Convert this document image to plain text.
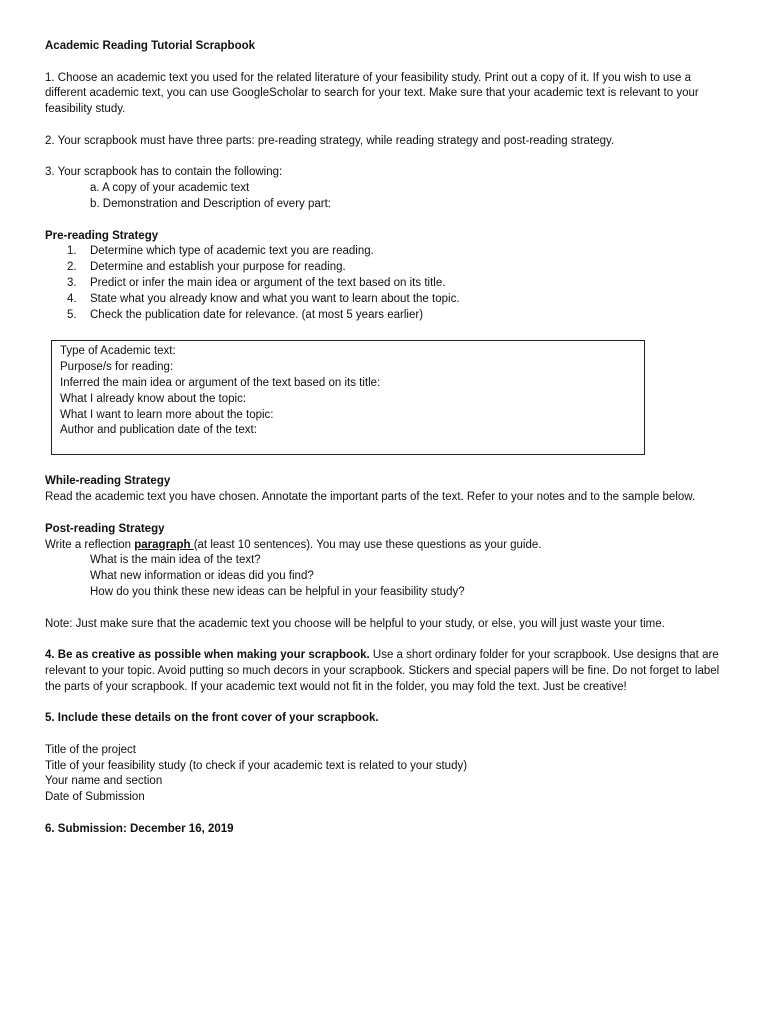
Academic Reading Tutorial Scrapbook

1. Choose an academic text you used for the related literature of your feasibility study. Print out a copy of it. If you wish to use a different academic text, you can use GoogleScholar to search for your text. Make sure that your academic text is relevant to your feasibility study.

2. Your scrapbook must have three parts: pre-reading strategy, while reading strategy and post-reading strategy.

3. Your scrapbook has to contain the following:

a. A copy of your academic text

b. Demonstration and Description of every part:

Pre-reading Strategy

1.	Determine which type of academic text you are reading.
2.	Determine and establish your purpose for reading.
3.	Predict or infer the main idea or argument of the text based on its title.
4.	State what you already know and what you want to learn about the topic.
5.	Check the publication date for relevance. (at most 5 years earlier)

Type of Academic text:

Purpose/s for reading:

Inferred the main idea or argument of the text based on its title:

What I already know about the topic:

What I want to learn more about the topic:

Author and publication date of the text:

While-reading Strategy

Read the academic text you have chosen. Annotate the important parts of the text. Refer to your notes and to the sample below.

Post-reading Strategy

Write a reflection paragraph (at least 10 sentences). You may use these questions as your guide.

What is the main idea of the text?

What new information or ideas did you find?

How do you think these new ideas can be helpful in your feasibility study?

Note: Just make sure that the academic text you choose will be helpful to your study, or else, you will just waste your time.

4. Be as creative as possible when making your scrapbook. Use a short ordinary folder for your scrapbook. Use designs that are relevant to your topic. Avoid putting so much decors in your scrapbook. Stickers and special papers will be fine. Do not forget to label the parts of your scrapbook. If your academic text would not fit in the folder, you may fold the text. Just be creative!

5. Include these details on the front cover of your scrapbook.

Title of the project

Title of your feasibility study (to check if your academic text is related to your study)

Your name and section

Date of Submission

6. Submission: December 16, 2019
